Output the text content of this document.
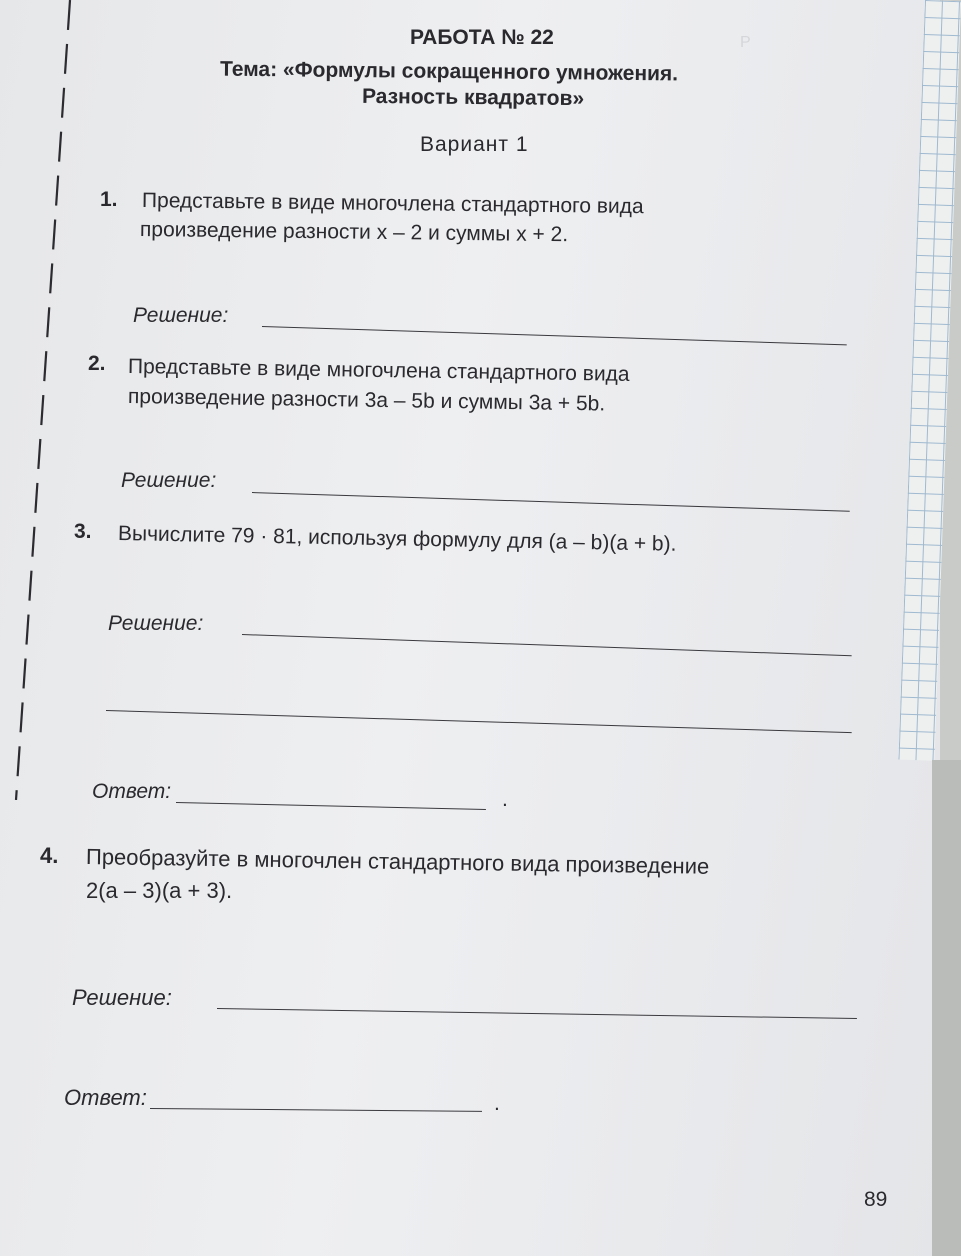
Р
РАБОТА № 22
Тема: «Формулы сокращенного умножения.
Разность квадратов»
Вариант 1
1. Представьте в виде многочлена стандартного вида
произведение разности x – 2 и суммы x + 2.
Решение:
2. Представьте в виде многочлена стандартного вида
произведение разности 3a – 5b и суммы 3a + 5b.
Решение:
3. Вычислите 79 · 81, используя формулу для (a – b)(a + b).
Решение:
Ответ:	.
4. Преобразуйте в многочлен стандартного вида произведение
2(a – 3)(a + 3).
Решение:
Ответ:	.
89
